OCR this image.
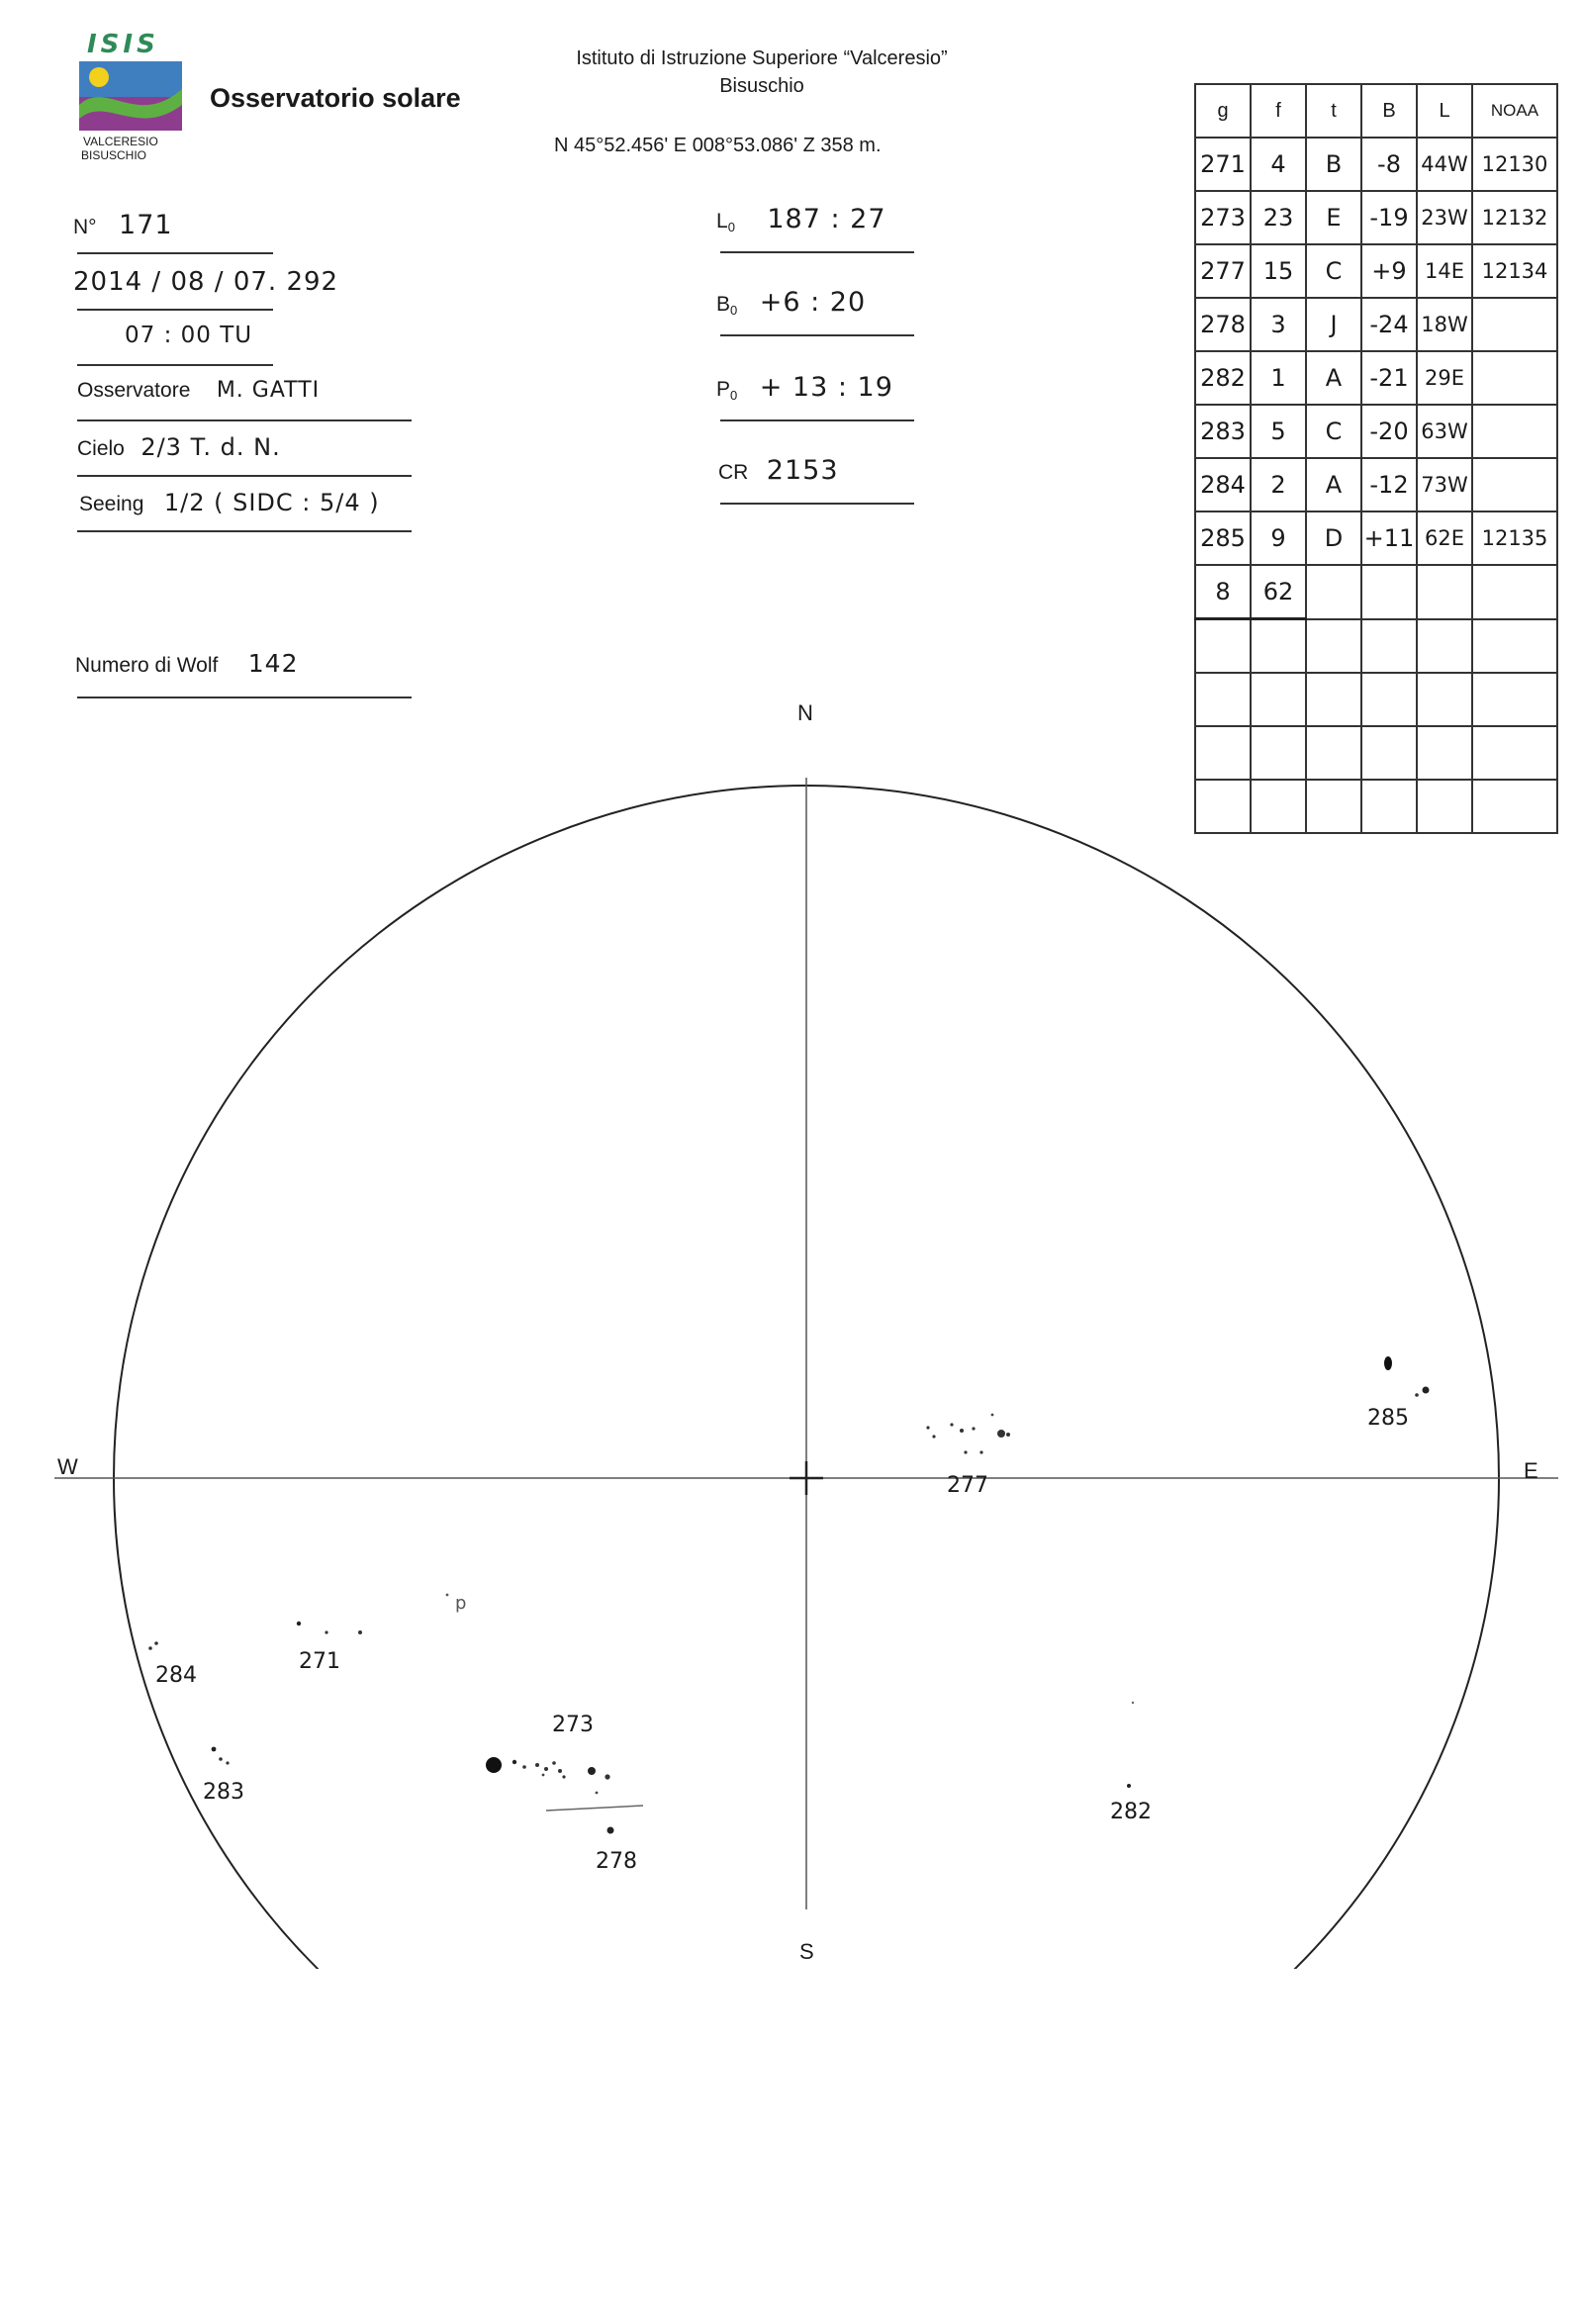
ISIS
VALCERESIO
BISUSCHIO
Osservatorio solare
Istituto di Istruzione Superiore “Valceresio”
Bisuschio
N 45°52.456' E 008°53.086' Z 358 m.
N° 171
2014 / 08 / 07. 292
07 : 00 TU
Osservatore M. GATTI
Cielo 2/3 T. d. N.
Seeing 1/2 ( SIDC : 5/4 )
Numero di Wolf 142
$L_0$ 187 : 27
$B_0 +6$ : 20
$P_0 + 13$ : 19
CR 2153
g	f	t	B	L	NOAA
271	4	B	-8	44W	12130
273	23	E	-19	23W	12132
277	15	C	+9	14E	12134
278	3	J	-24	18W	
282	1	A	-21	29E	
283	5	C	-20	63W	
284	2	A	-12	73W	
285	9	D	+11	62E	12135
8	62				

N
S
W	E
285
277
p
271
284
283
273
278
282
